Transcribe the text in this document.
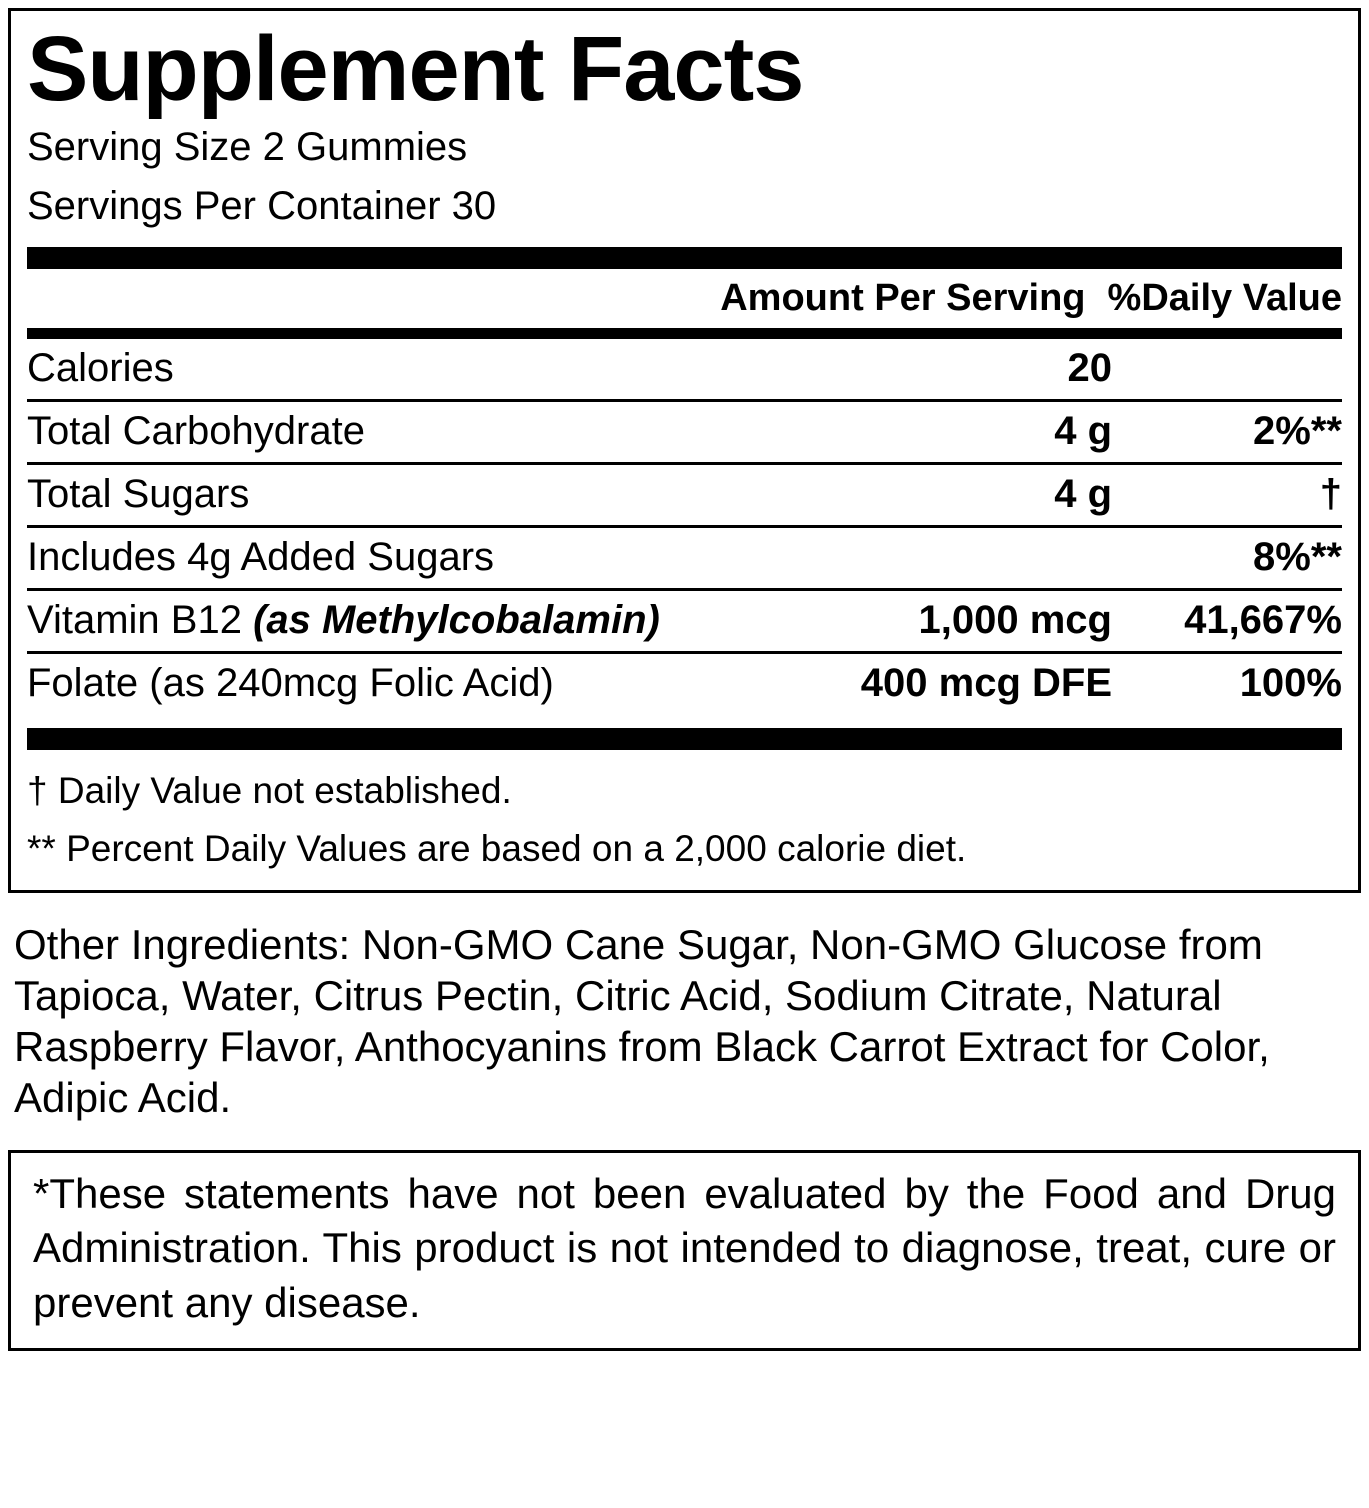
Supplement Facts
Serving Size 2 Gummies
Servings Per Container 30
Amount Per Serving %Daily Value
Calories	20	
Total Carbohydrate	4 g	2%**
Total Sugars	4 g	†
Includes 4g Added Sugars		8%**
Vitamin B12 (as Methylcobalamin)	1,000 mcg	41,667%
Folate (as 240mcg Folic Acid)	400 mcg DFE	100%
† Daily Value not established.
** Percent Daily Values are based on a 2,000 calorie diet.
Other Ingredients: Non-GMO Cane Sugar, Non-GMO Glucose from Tapioca, Water, Citrus Pectin, Citric Acid, Sodium Citrate, Natural Raspberry Flavor, Anthocyanins from Black Carrot Extract for Color, Adipic Acid.

*These statements have not been evaluated by the Food and Drug Administration. This product is not intended to diagnose, treat, cure or prevent any disease.
